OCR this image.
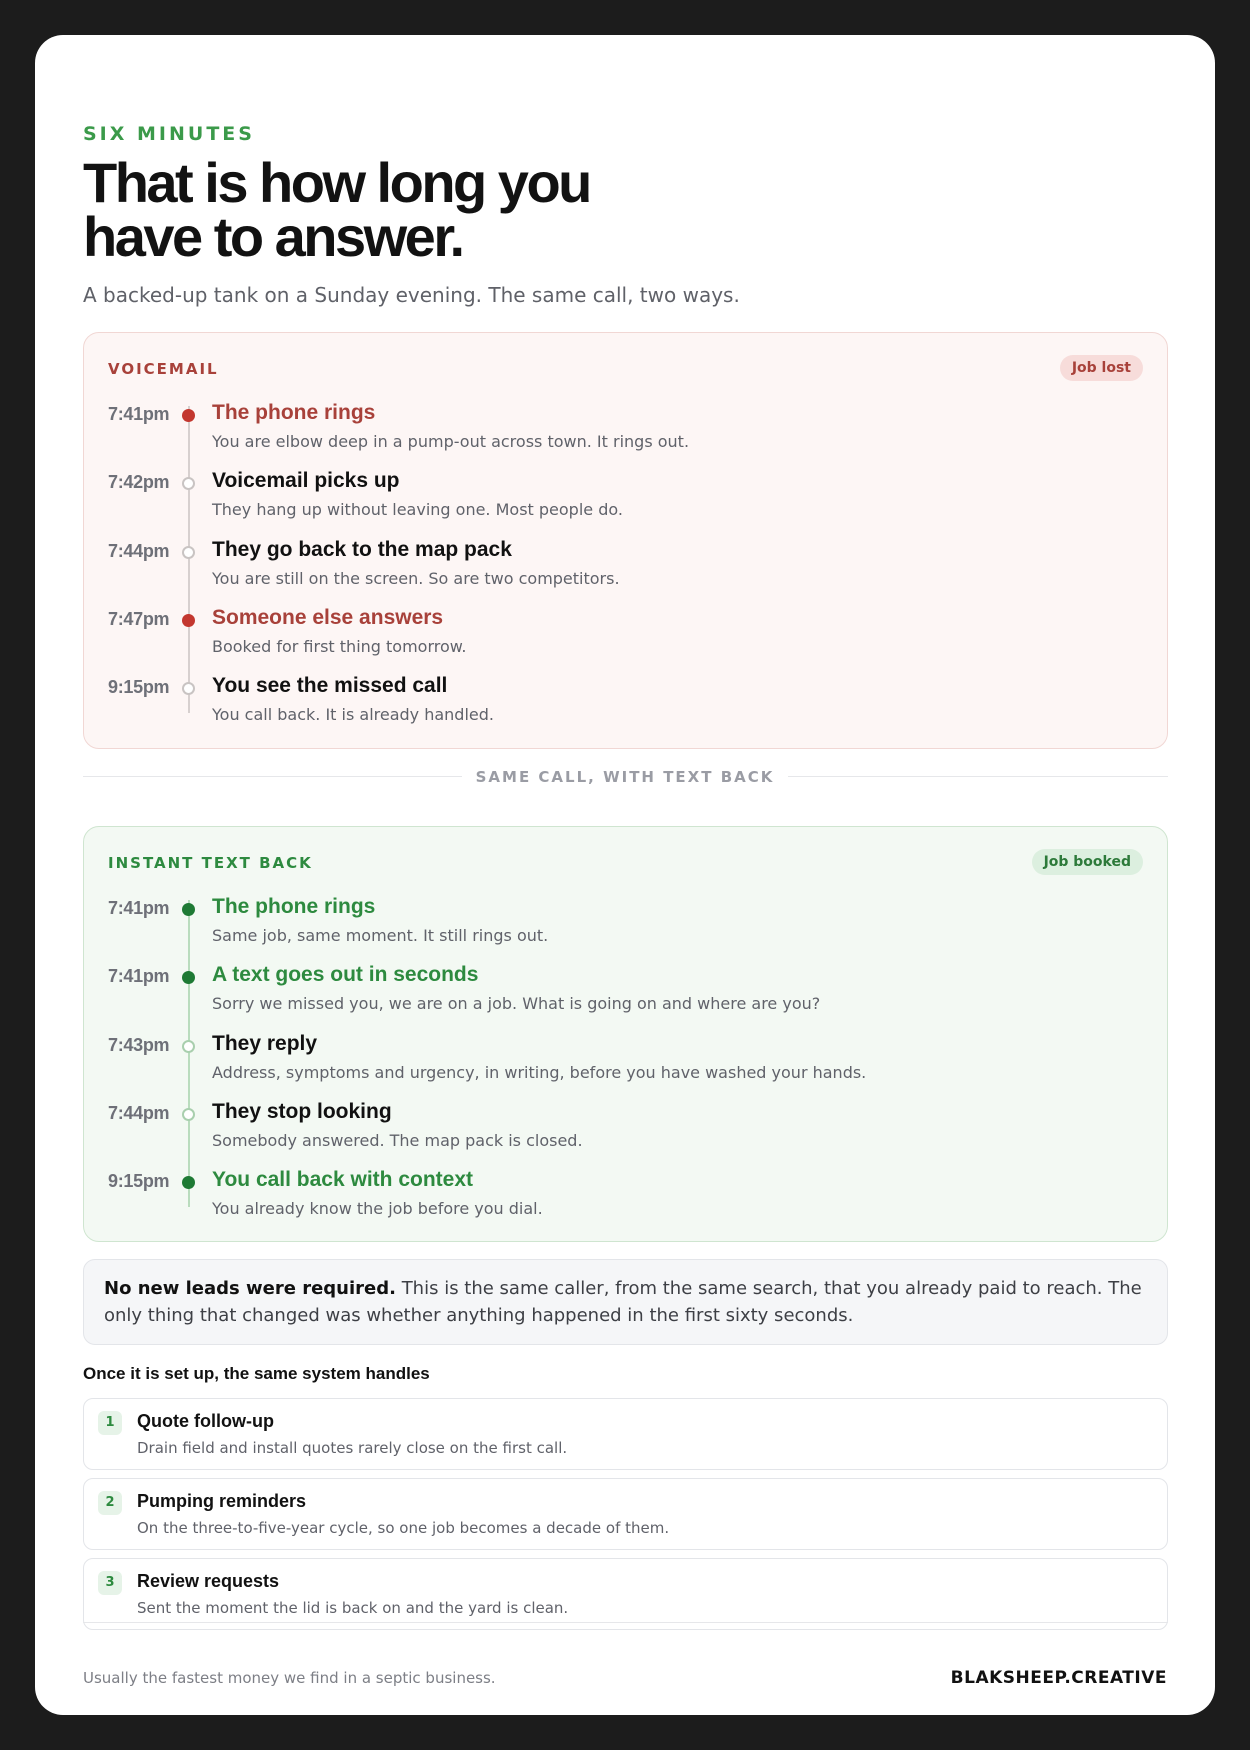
SIX MINUTES
That is how long you
have to answer.

A backed-up tank on a Sunday evening. The same call, two ways.

VOICEMAIL	Job lost
7:41pm The phone rings
You are elbow deep in a pump-out across town. It rings out.
7:42pm Voicemail picks up
They hang up without leaving one. Most people do.
7:44pm They go back to the map pack
You are still on the screen. So are two competitors.
7:47pm Someone else answers
Booked for first thing tomorrow.
9:15pm You see the missed call
You call back. It is already handled.
SAME CALL, WITH TEXT BACK
INSTANT TEXT BACK	Job booked
7:41pm The phone rings
Same job, same moment. It still rings out.
7:41pm A text goes out in seconds
Sorry we missed you, we are on a job. What is going on and where are you?
7:43pm They reply
Address, symptoms and urgency, in writing, before you have washed your hands.
7:44pm They stop looking
Somebody answered. The map pack is closed.
9:15pm You call back with context
You already know the job before you dial.
No new leads were required. This is the same caller, from the same search, that you already paid to reach. The only thing that changed was whether anything happened in the first sixty seconds.
Once it is set up, the same system handles
1	Quote follow-up
Drain field and install quotes rarely close on the first call.
2	Pumping reminders
On the three-to-five-year cycle, so one job becomes a decade of them.
3	Review requests
Sent the moment the lid is back on and the yard is clean.
Usually the fastest money we find in a septic business.	BLAKSHEEP.CREATIVE
